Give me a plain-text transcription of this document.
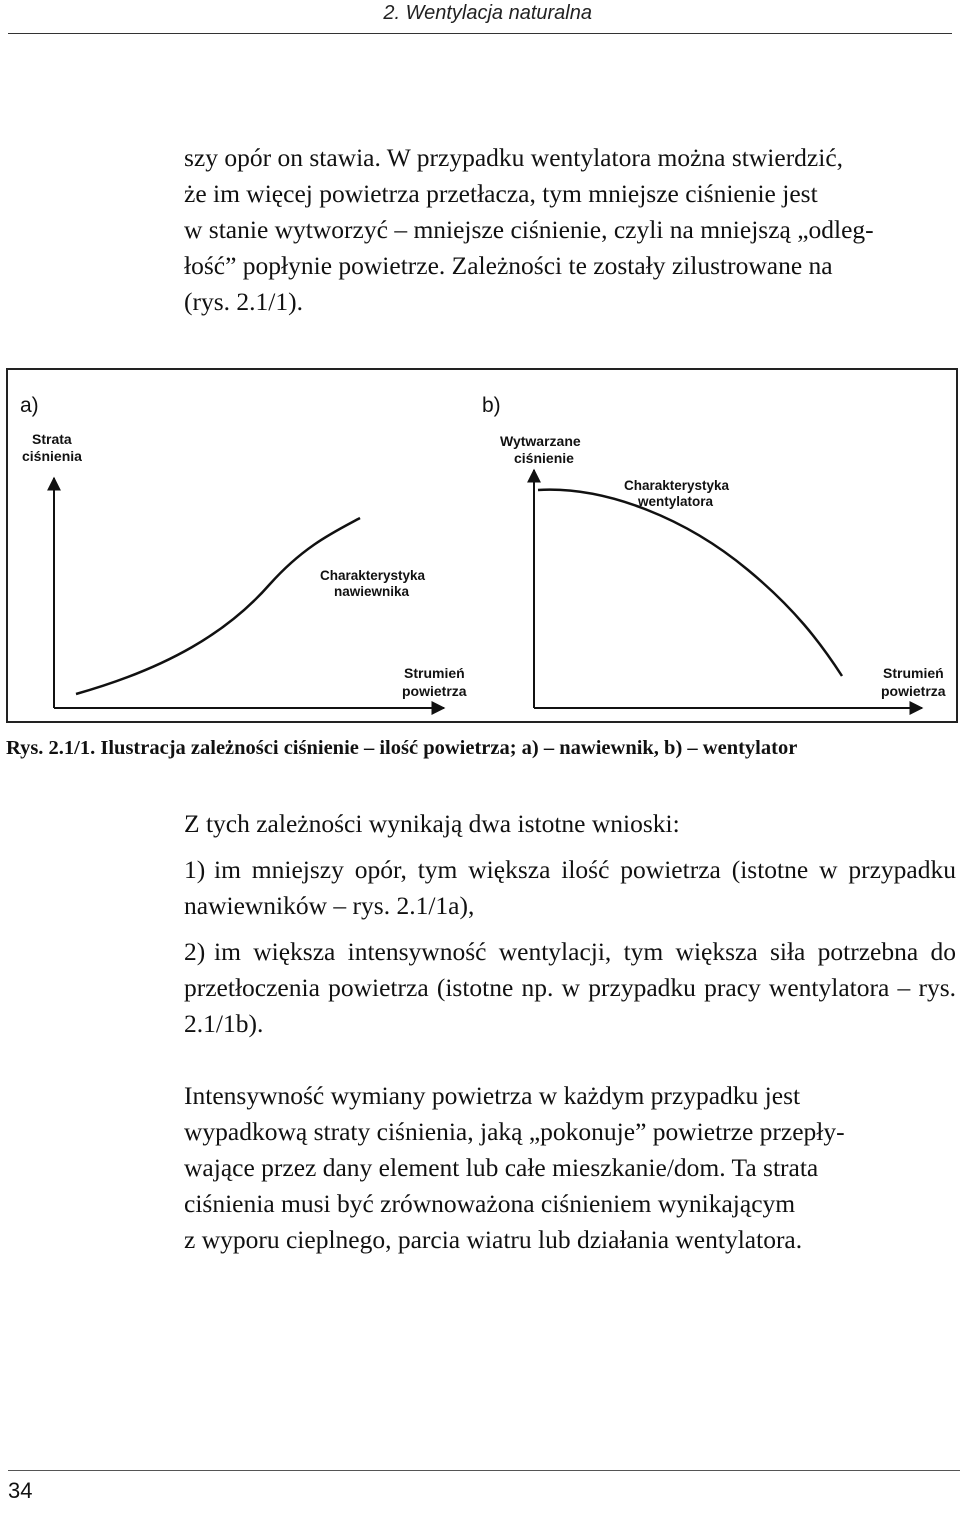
2. Wentylacja naturalna

szy opór on stawia. W przypadku wentylatora można stwierdzić,
że im więcej powietrza przetłacza, tym mniejsze ciśnienie jest
w stanie wytworzyć – mniejsze ciśnienie, czyli na mniejszą „odleg-
łość” popłynie powietrze. Zależności te zostały zilustrowane na
(rys. 2.1/1).

a)
Strata
ciśnienia
Charakterystyka
nawiewnika
Strumień
powietrza
b)
Wytwarzane
ciśnienie
Charakterystyka
wentylatora
Strumień
powietrza
Rys. 2.1/1. Ilustracja zależności ciśnienie – ilość powietrza; a) – nawiewnik, b) – wentylator

Z tych zależności wynikają dwa istotne wnioski:

1) im mniejszy opór, tym większa ilość powietrza (istotne w przypadku nawiewników – rys. 2.1/1a),
2) im większa intensywność wentylacji, tym większa siła potrzebna do przetłoczenia powietrza (istotne np. w przypadku pracy wentylatora – rys. 2.1/1b).

Intensywność wymiany powietrza w każdym przypadku jest
wypadkową straty ciśnienia, jaką „pokonuje” powietrze przepły-
wające przez dany element lub całe mieszkanie/dom. Ta strata
ciśnienia musi być zrównoważona ciśnieniem wynikającym
z wyporu cieplnego, parcia wiatru lub działania wentylatora.

34
